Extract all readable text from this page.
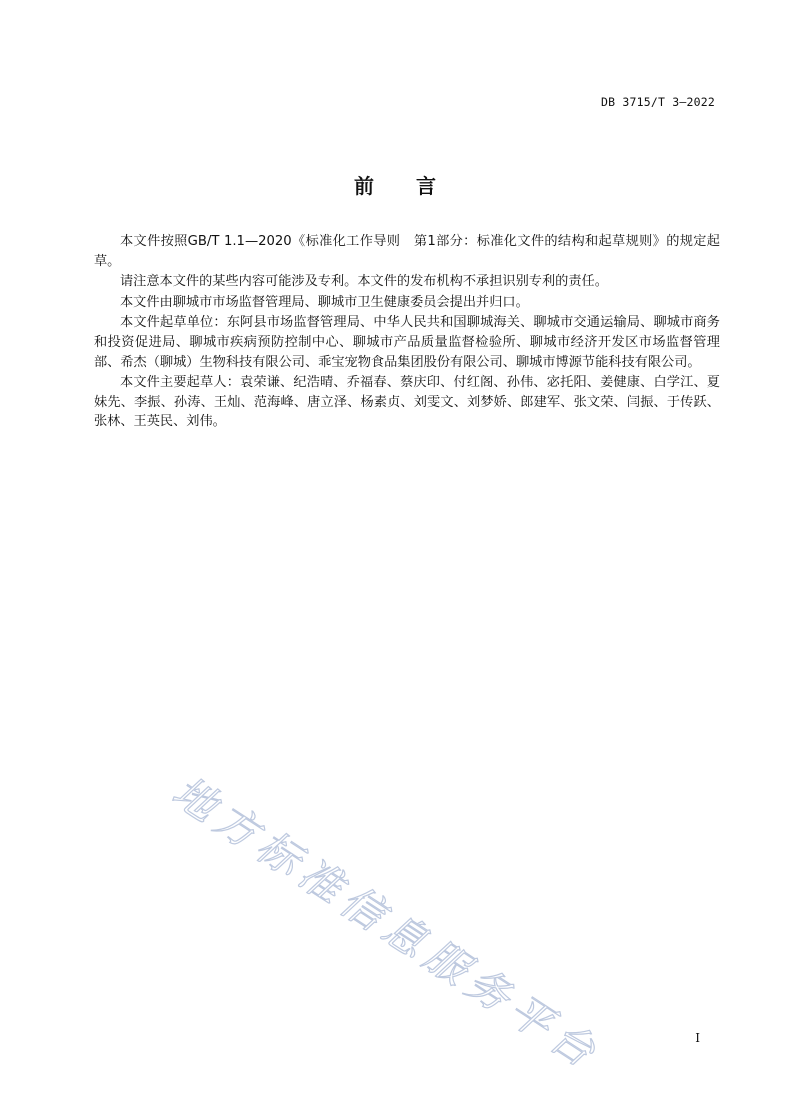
DB 3715/T 3—2022
前 言

本文件按照GB/T 1.1—2020《标准化工作导则　第1部分：标准化文件的结构和起草规则》的规定起草。

请注意本文件的某些内容可能涉及专利。本文件的发布机构不承担识别专利的责任。

本文件由聊城市市场监督管理局、聊城市卫生健康委员会提出并归口。

本文件起草单位：东阿县市场监督管理局、中华人民共和国聊城海关、聊城市交通运输局、聊城市商务和投资促进局、聊城市疾病预防控制中心、聊城市产品质量监督检验所、聊城市经济开发区市场监督管理部、希杰（聊城）生物科技有限公司、乖宝宠物食品集团股份有限公司、聊城市博源节能科技有限公司。

本文件主要起草人：袁荣谦、纪浩晴、乔福春、蔡庆印、付红阁、孙伟、宓托阳、姜健康、白学江、夏妹先、李振、孙涛、王灿、范海峰、唐立泽、杨素贞、刘雯文、刘梦娇、郎建军、张文荣、闫振、于传跃、张林、王英民、刘伟。

地方标准信息服务平台	I
